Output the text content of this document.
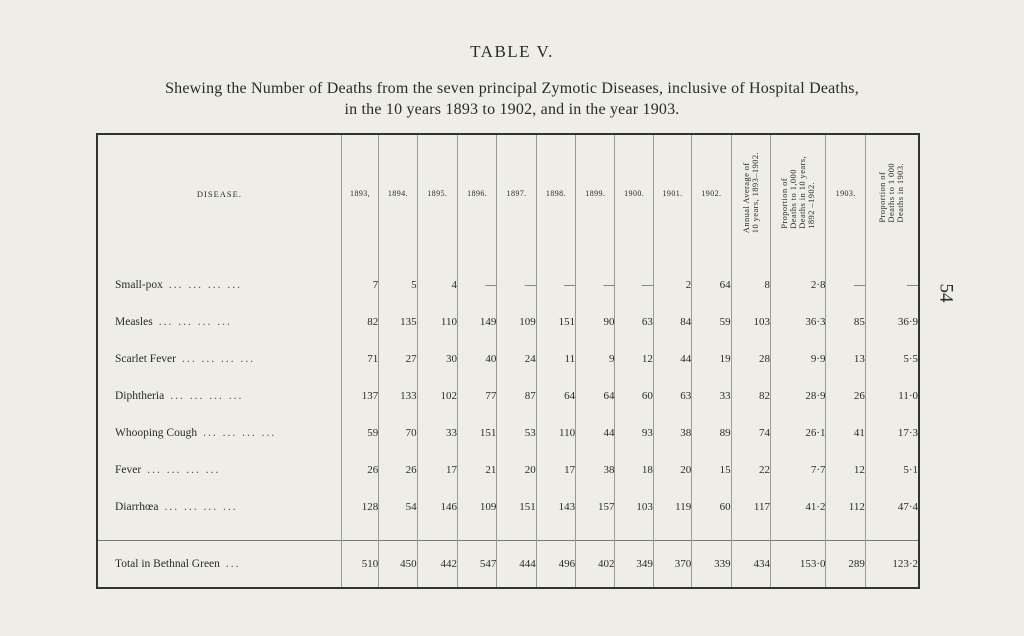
TABLE V.
Shewing the Number of Deaths from the seven principal Zymotic Diseases, inclusive of Hospital Deaths,
in the 10 years 1893 to 1902, and in the year 1903.
54
DISEASE.	1893,	1894.	1895.	1896.	1897.	1898.	1899.	1900.	1901.	1902.	Annual Average of
10 years, 1893–1902.	Proportion of
Deaths to 1,000
Deaths in 10 years,
1892 –1902.	1903.	Proportion of
Deaths to 1 000
Deaths in 1903.
Small-pox ... ... ... ...	7	5	4	—	—	—	—	—	2	64	8	2·8	—	—
Measles ... ... ... ...	82	135	110	149	109	151	90	63	84	59	103	36·3	85	36·9
Scarlet Fever ... ... ... ...	71	27	30	40	24	11	9	12	44	19	28	9·9	13	5·5
Diphtheria ... ... ... ...	137	133	102	77	87	64	64	60	63	33	82	28·9	26	11·0
Whooping Cough ... ... ... ...	59	70	33	151	53	110	44	93	38	89	74	26·1	41	17·3
Fever ... ... ... ...	26	26	17	21	20	17	38	18	20	15	22	7·7	12	5·1
Diarrhœa ... ... ... ...	128	54	146	109	151	143	157	103	119	60	117	41·2	112	47·4

Total in Bethnal Green ...	510	450	442	547	444	496	402	349	370	339	434	153·0	289	123·2
